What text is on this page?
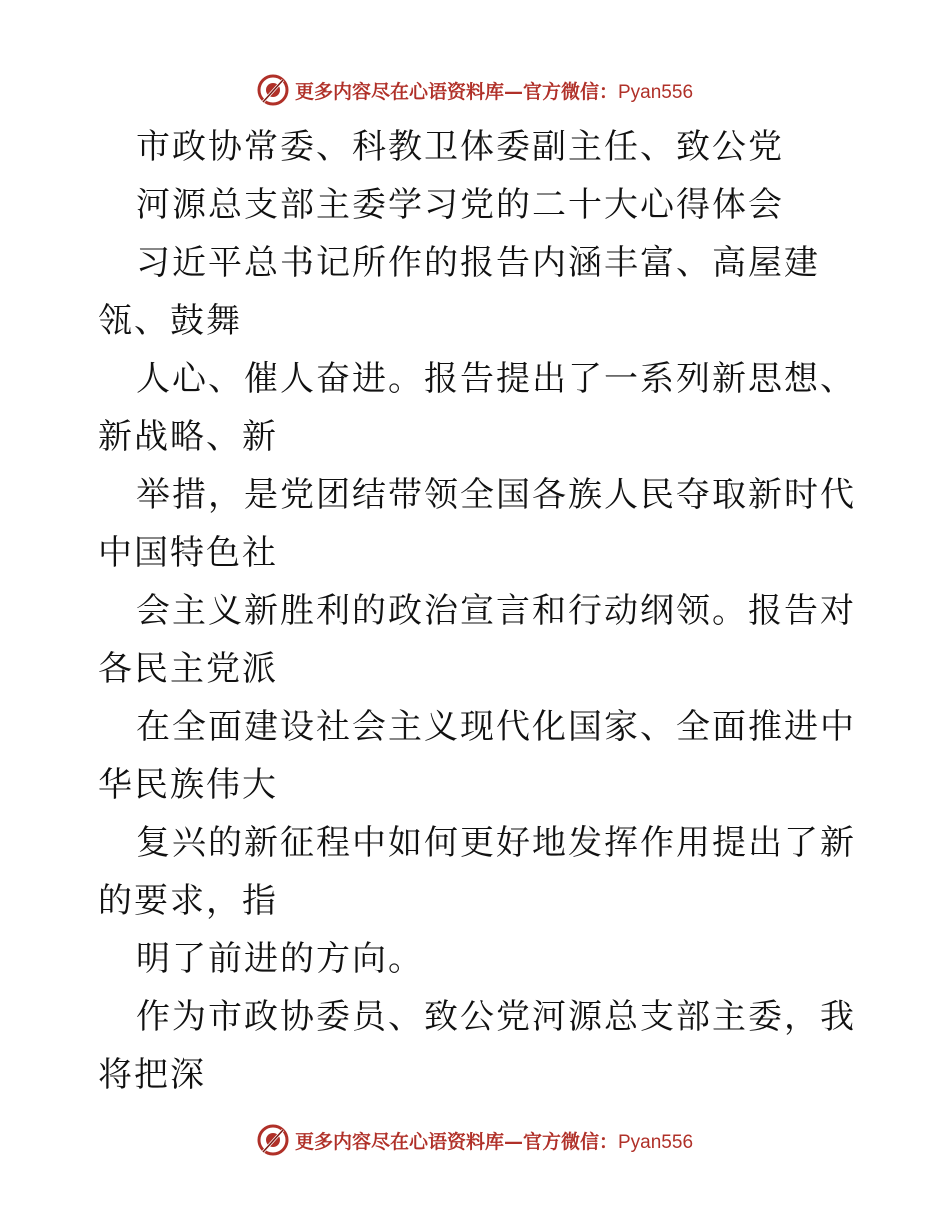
更多内容尽在心语资料库—官方微信：Pyan556

市政协常委、科教卫体委副主任、致公党

河源总支部主委学习党的二十大心得体会

习近平总书记所作的报告内涵丰富、高屋建瓴、鼓舞

人心、催人奋进。报告提出了一系列新思想、新战略、新

举措，是党团结带领全国各族人民夺取新时代中国特色社

会主义新胜利的政治宣言和行动纲领。报告对各民主党派

在全面建设社会主义现代化国家、全面推进中华民族伟大

复兴的新征程中如何更好地发挥作用提出了新的要求，指

明了前进的方向。

作为市政协委员、致公党河源总支部主委，我将把深

更多内容尽在心语资料库—官方微信：Pyan556
